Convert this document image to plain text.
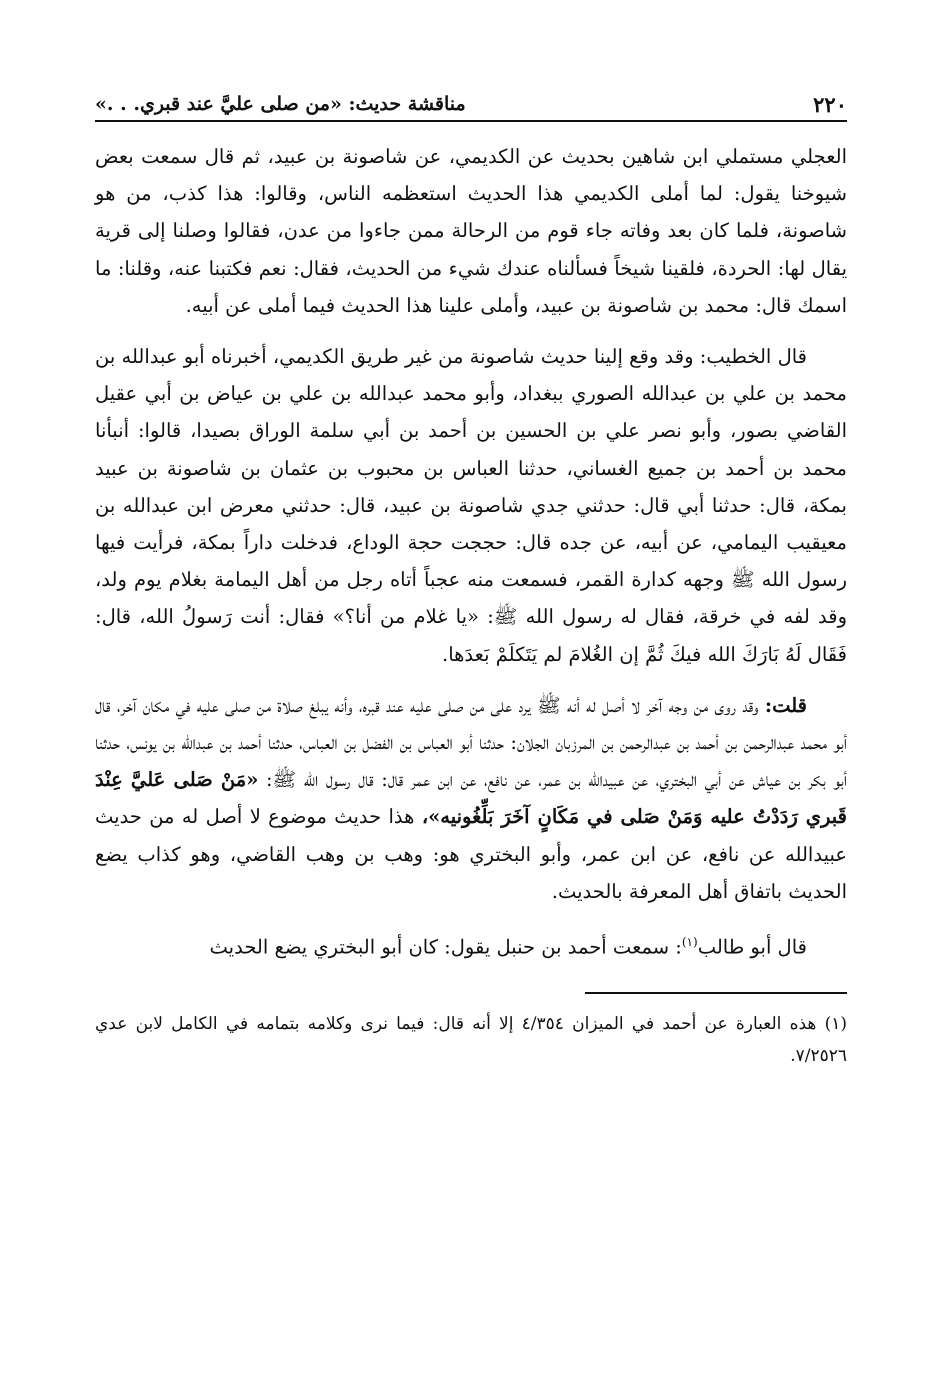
٢٢٠
مناقشة حديث: «من صلى عليَّ عند قبري. . .»

العجلي مستملي ابن شاهين بحديث عن الكديمي، عن شاصونة بن عبيد، ثم قال سمعت بعض شيوخنا يقول: لما أملى الكديمي هذا الحديث استعظمه الناس، وقالوا: هذا كذب، من هو شاصونة، فلما كان بعد وفاته جاء قوم من الرحالة ممن جاءوا من عدن، فقالوا وصلنا إلى قرية يقال لها: الحردة، فلقينا شيخاً فسألناه عندك شيء من الحديث، فقال: نعم فكتبنا عنه، وقلنا: ما اسمك قال: محمد بن شاصونة بن عبيد، وأملى علينا هذا الحديث فيما أملى عن أبيه.

قال الخطيب: وقد وقع إلينا حديث شاصونة من غير طريق الكديمي، أخبرناه أبو عبدالله بن محمد بن علي بن عبدالله الصوري ببغداد، وأبو محمد عبدالله بن علي بن عياض بن أبي عقيل القاضي بصور، وأبو نصر علي بن الحسين بن أحمد بن أبي سلمة الوراق بصيدا، قالوا: أنبأنا محمد بن أحمد بن جميع الغساني، حدثنا العباس بن محبوب بن عثمان بن شاصونة بن عبيد بمكة، قال: حدثنا أبي قال: حدثني جدي شاصونة بن عبيد، قال: حدثني معرض ابن عبدالله بن معيقيب اليمامي، عن أبيه، عن جده قال: حججت حجة الوداع، فدخلت داراً بمكة، فرأيت فيها رسول الله ﷺ وجهه كدارة القمر، فسمعت منه عجباً أتاه رجل من أهل اليمامة بغلام يوم ولد، وقد لفه في خرقة، فقال له رسول الله ﷺ: «يا غلام من أنا؟» فقال: أنت رَسولُ الله، قال: فَقَال لَهُ بَارَكَ الله فيكَ ثُمَّ إن الغُلامَ لم يَتَكلَمْ بَعدَها.

قلت: وقد روى من وجه آخر لا أصل له أنه ﷺ يرد على من صلى عليه عند قبره، وأنه يبلغ صلاة من صلى عليه في مكان آخر، قال أبو محمد عبدالرحمن بن أحمد بن عبدالرحمن بن المرزبان الجلان: حدثنا أبو العباس بن الفضل بن العباس، حدثنا أحمد بن عبدالله بن يونس، حدثنا أبو بكر بن عياش عن أبي البختري، عن عبيدالله بن عمر، عن نافع، عن ابن عمر قال: قال رسول الله ﷺ: «مَنْ صَلى عَليَّ عِنْدَ قَبري رَدَدْتُ عليه وَمَنْ صَلى في مَكَانٍ آخَرَ بَلِّغُونيه»، هذا حديث موضوع لا أصل له من حديث عبيدالله عن نافع، عن ابن عمر، وأبو البختري هو: وهب بن وهب القاضي، وهو كذاب يضع الحديث باتفاق أهل المعرفة بالحديث.

قال أبو طالب$^{(١)}$: سمعت أحمد بن حنبل يقول: كان أبو البختري يضع الحديث

(١) هذه العبارة عن أحمد في الميزان ٤/٣٥٤ إلا أنه قال: فيما نرى وكلامه بتمامه في الكامل لابن عدي ٧/٢٥٢٦.
